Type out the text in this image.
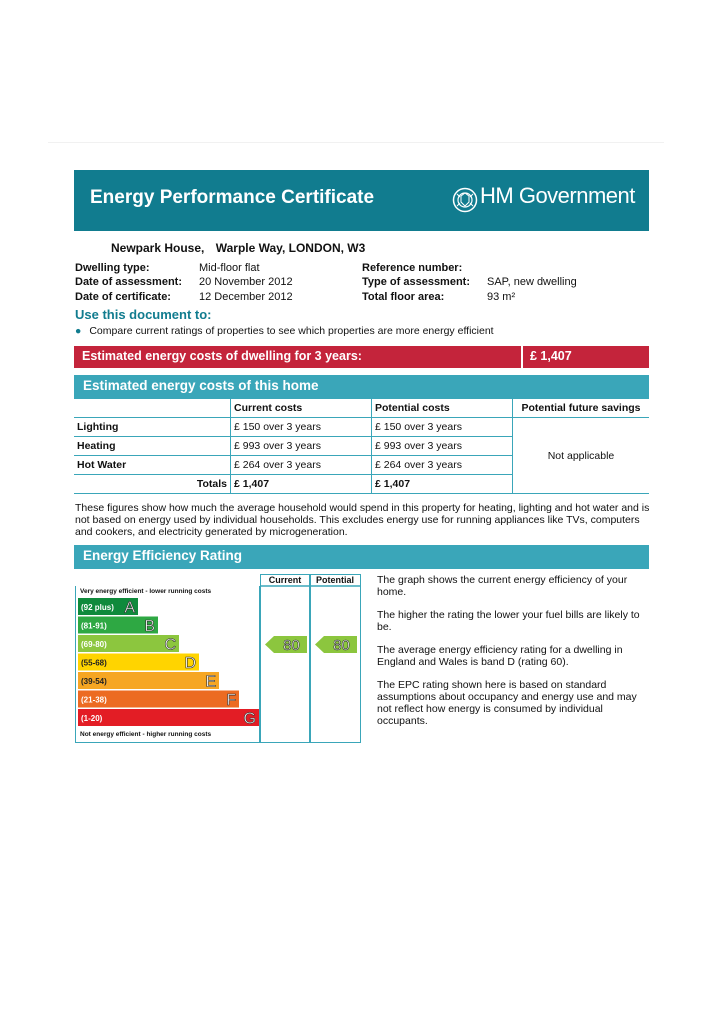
Energy Performance Certificate	HM Government
Newpark House, Warple Way, LONDON, W3
Dwelling type:	Mid-floor flat
Date of assessment: 20 November 2012
Date of certificate:	12 December 2012
Reference number:
Type of assessment: SAP, new dwelling
Total floor area:	93 m²
Use this document to:
● Compare current ratings of properties to see which properties are more energy efficient
Estimated energy costs of dwelling for 3 years:	£ 1,407
Estimated energy costs of this home
	Current costs	Potential costs	Potential future savings
Lighting	£ 150 over 3 years	£ 150 over 3 years	Not applicable
Heating	£ 993 over 3 years	£ 993 over 3 years	
Hot Water	£ 264 over 3 years	£ 264 over 3 years	
Totals	£ 1,407	£ 1,407	
These figures show how much the average household would spend in this property for heating, lighting and hot water and is not based on energy used by individual households. This excludes energy use for running appliances like TVs, computers and cookers, and electricity generated by microgeneration.
Energy Efficiency Rating
Current Potential
Very energy efficient - lower running costs
Not energy efficient - higher running costs
(92 plus) A
(81-91) B
(69-80)	C
(55-68)	D
(39-54)	E
(21-38)	F
(1-20)	G
80 80

The graph shows the current energy efficiency of your home.

The higher the rating the lower your fuel bills are likely to be.

The average energy efficiency rating for a dwelling in England and Wales is band D (rating 60).

The EPC rating shown here is based on standard assumptions about occupancy and energy use and may not reflect how energy is consumed by individual occupants.
